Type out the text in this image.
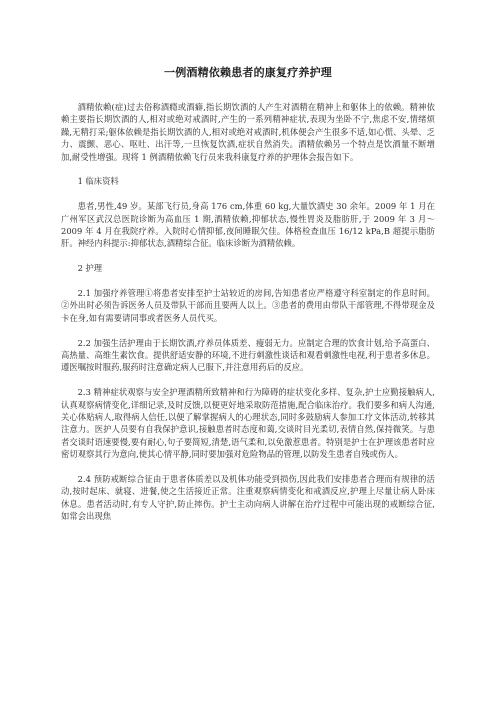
一例酒精依赖患者的康复疗养护理

酒精依赖(症)过去俗称酒瘾或酒癖,指长期饮酒的人产生对酒精在精神上和躯体上的依赖。精神依赖主要指长期饮酒的人,相对或绝对戒酒时,产生的一系列精神症状,表现为坐卧不宁,焦虑不安,情绪烦躁,无精打采;躯体依赖是指长期饮酒的人,相对或绝对戒酒时,机体便会产生很多不适,如心慌、头晕、乏力、震颤、恶心、呕吐、出汗等,一旦恢复饮酒,症状自然消失。酒精依赖另一个特点是饮酒量不断增加,耐受性增强。现将 1 例酒精依赖飞行员来我科康复疗养的护理体会报告如下。

1 临床资料

患者,男性,49 岁。某部飞行员,身高 176 cm,体重 60 kg,大量饮酒史 30 余年。2009 年 1 月在广州军区武汉总医院诊断为高血压 1 期,酒精依赖,抑郁状态,慢性胃炎及脂肪肝,于 2009 年 3 月～2009 年 4 月在我院疗养。入院时心情抑郁,夜间睡眠欠佳。体格检查血压 16/12 kPa,B 超提示脂肪肝。神经内科提示:抑郁状态,酒精综合征。临床诊断为酒精依赖。

2 护理

2.1 加强疗养管理①将患者安排至护士站较近的房间,告知患者应严格遵守科室制定的作息时间。②外出时必须告诉医务人员及带队干部而且要两人以上。③患者的费用由带队干部管理,不得带现金及卡在身,如有需要请同事或者医务人员代买。

2.2 加强生活护理由于长期饮酒,疗养员体质差、瘦弱无力。应制定合理的饮食计划,给予高蛋白、高热量、高维生素饮食。提供舒适安静的环境,不进行刺激性谈话和观看刺激性电视,利于患者多休息。遵医嘱按时服药,服药时注意确定病人已服下,并注意用药后的反应。

2.3 精神症状观察与安全护理酒精所致精神和行为障碍的症状变化多样、复杂,护士应勤接触病人,认真观察病情变化,详细记录,及时反馈,以便更好地采取防范措施,配合临床治疗。我们要多和病人沟通,关心体贴病人,取得病人信任,以便了解掌握病人的心理状态,同时多鼓励病人参加工疗文体活动,转移其注意力。医护人员要有自我保护意识,接触患者时态度和蔼,交谈时目光柔切,表情自然,保持微笑。与患者交谈时语速要慢,要有耐心,句子要简短,清楚,语气柔和,以免激惹患者。特别是护士在护理该患者时应密切观察其行为意向,使其心情平静,同时要加强对危险物品的管理,以防发生患者自残或伤人。

2.4 预防戒断综合征由于患者体质差以及机体功能受到损伤,因此我们安排患者合理而有规律的活动,按时起床、就寝、进餐,使之生活接近正常。注重观察病情变化和戒酒反应,护理上尽量让病人卧床休息。患者活动时,有专人守护,防止摔伤。护士主动向病人讲解在治疗过程中可能出现的戒断综合征,如常会出现焦
